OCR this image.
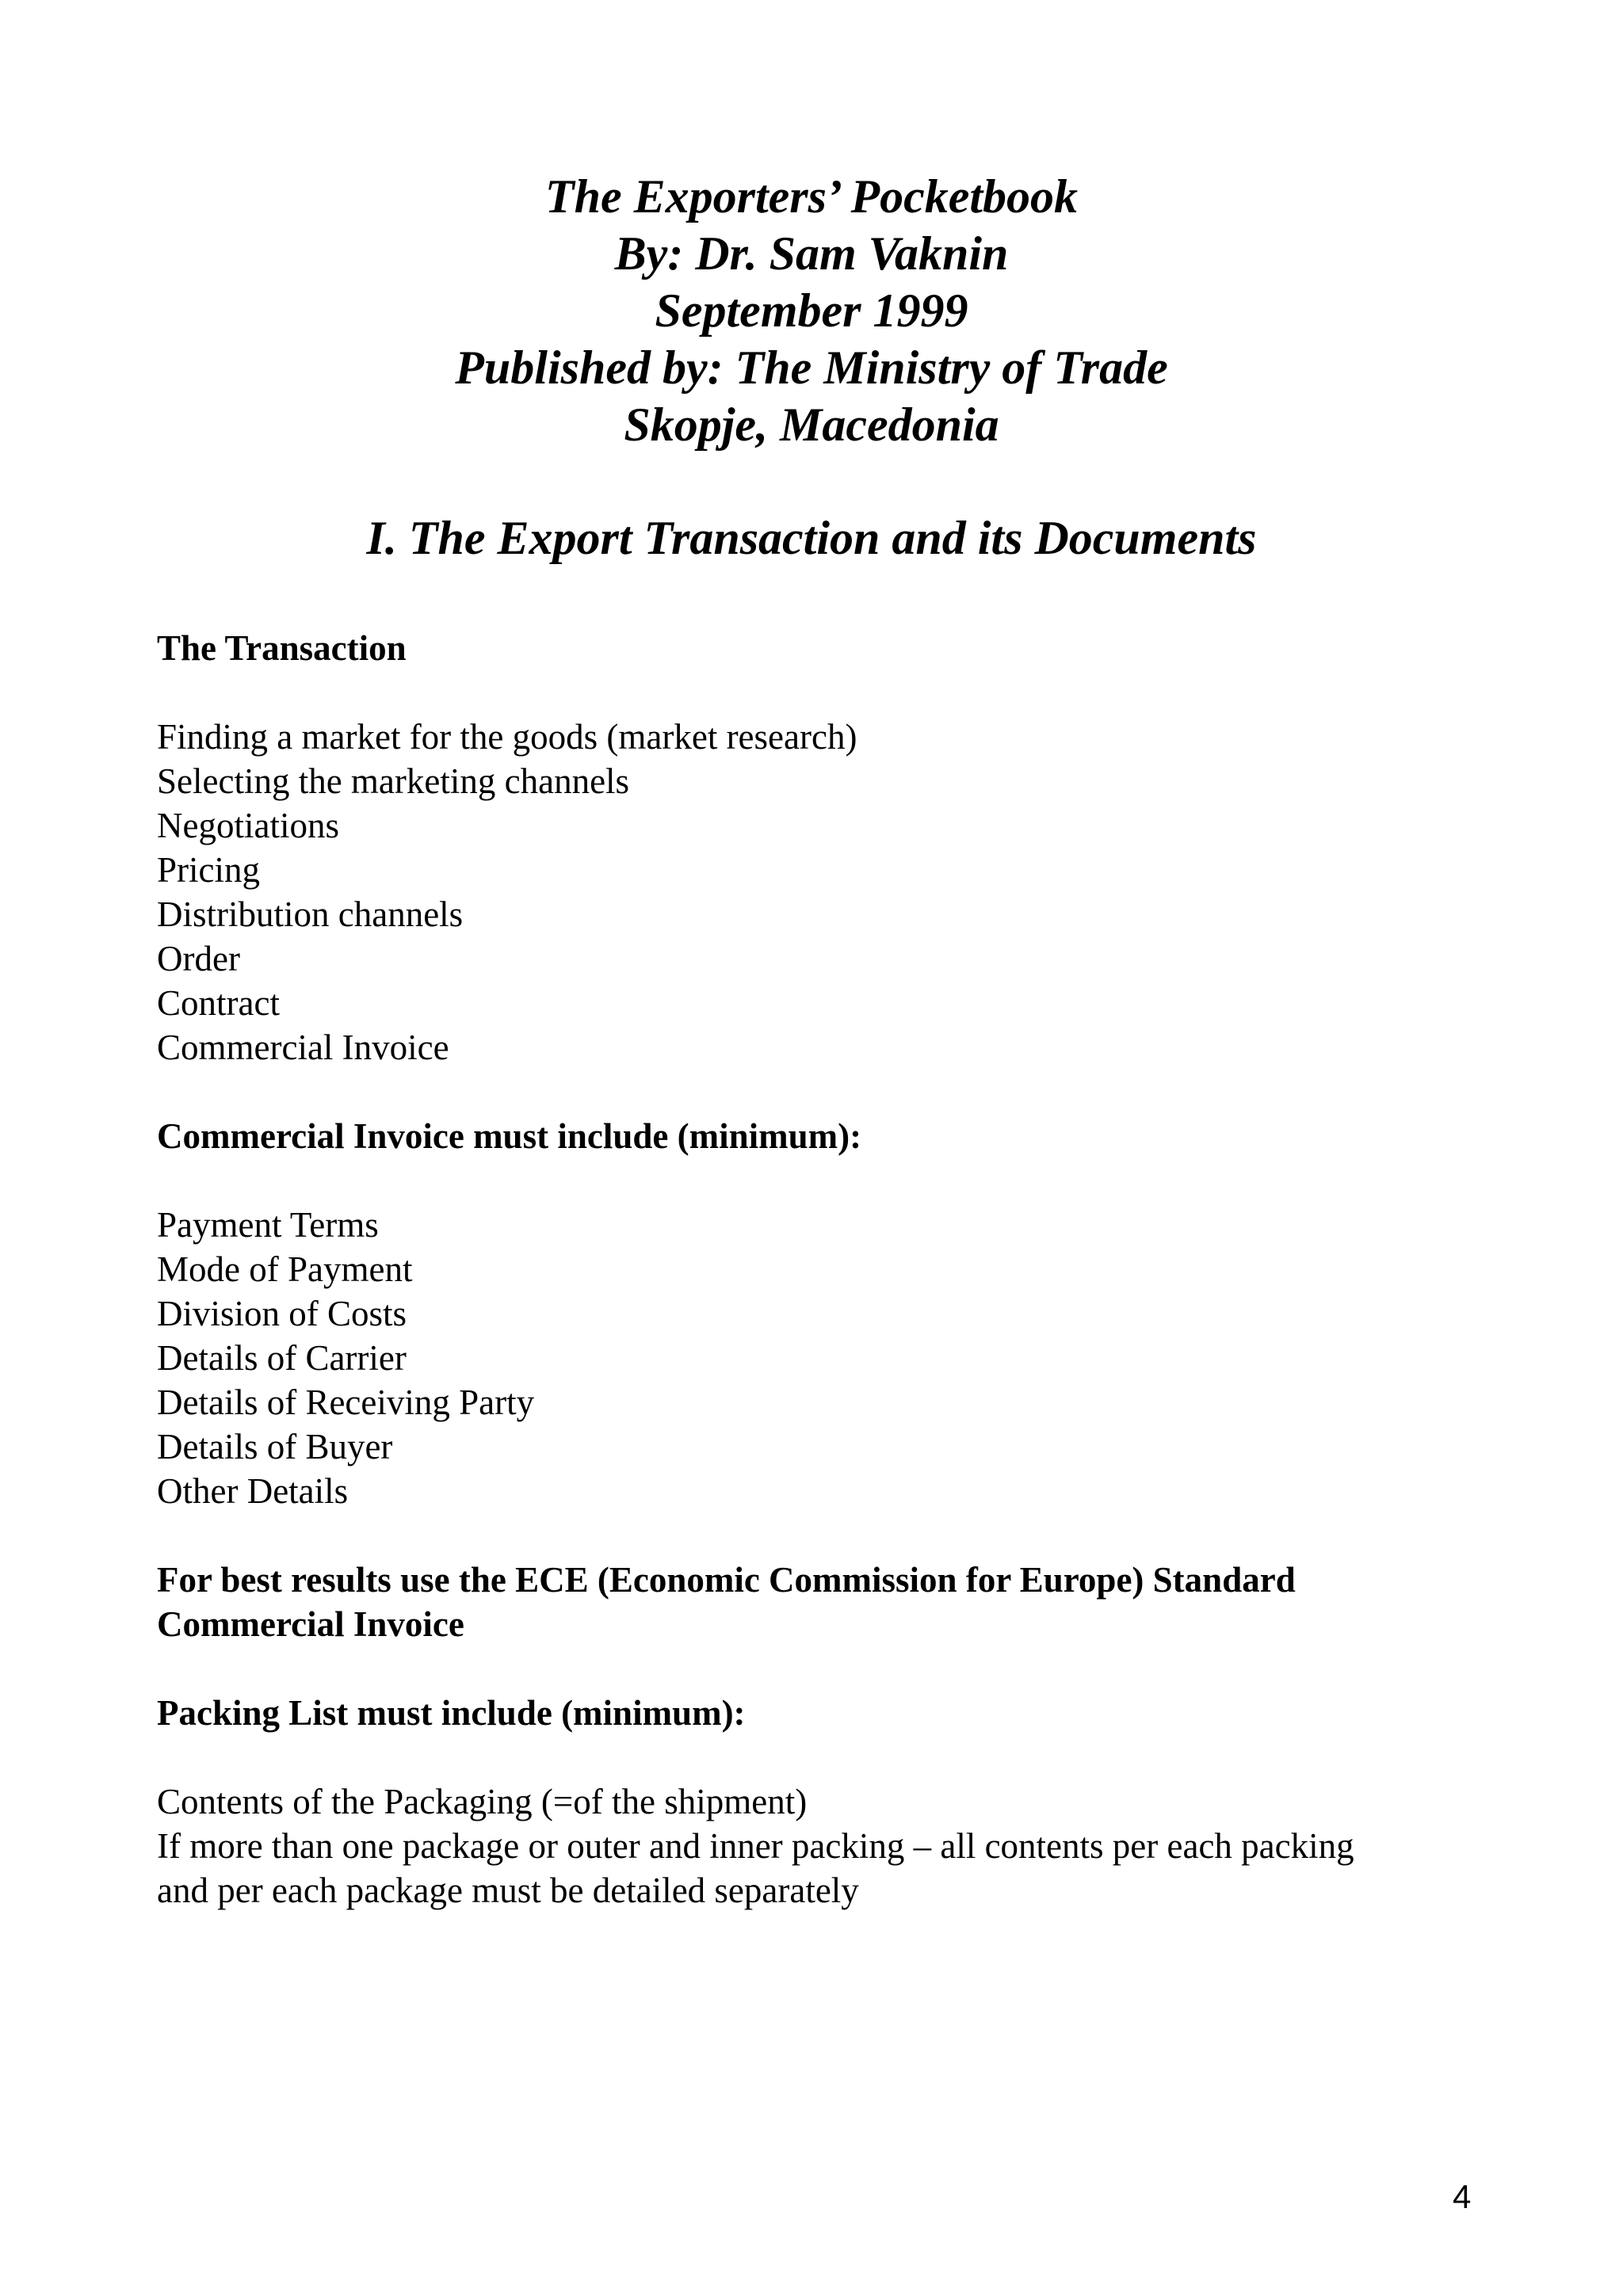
The Exporters’ Pocketbook

By: Dr. Sam Vaknin

September 1999

Published by: The Ministry of Trade

Skopje, Macedonia

I. The Export Transaction and its Documents

The Transaction

Finding a market for the goods (market research)

Selecting the marketing channels

Negotiations

Pricing

Distribution channels

Order

Contract

Commercial Invoice

Commercial Invoice must include (minimum):

Payment Terms

Mode of Payment

Division of Costs

Details of Carrier

Details of Receiving Party

Details of Buyer

Other Details

For best results use the ECE (Economic Commission for Europe) Standard

Commercial Invoice

Packing List must include (minimum):

Contents of the Packaging (=of the shipment)

If more than one package or outer and inner packing – all contents per each packing

and per each package must be detailed separately

4
